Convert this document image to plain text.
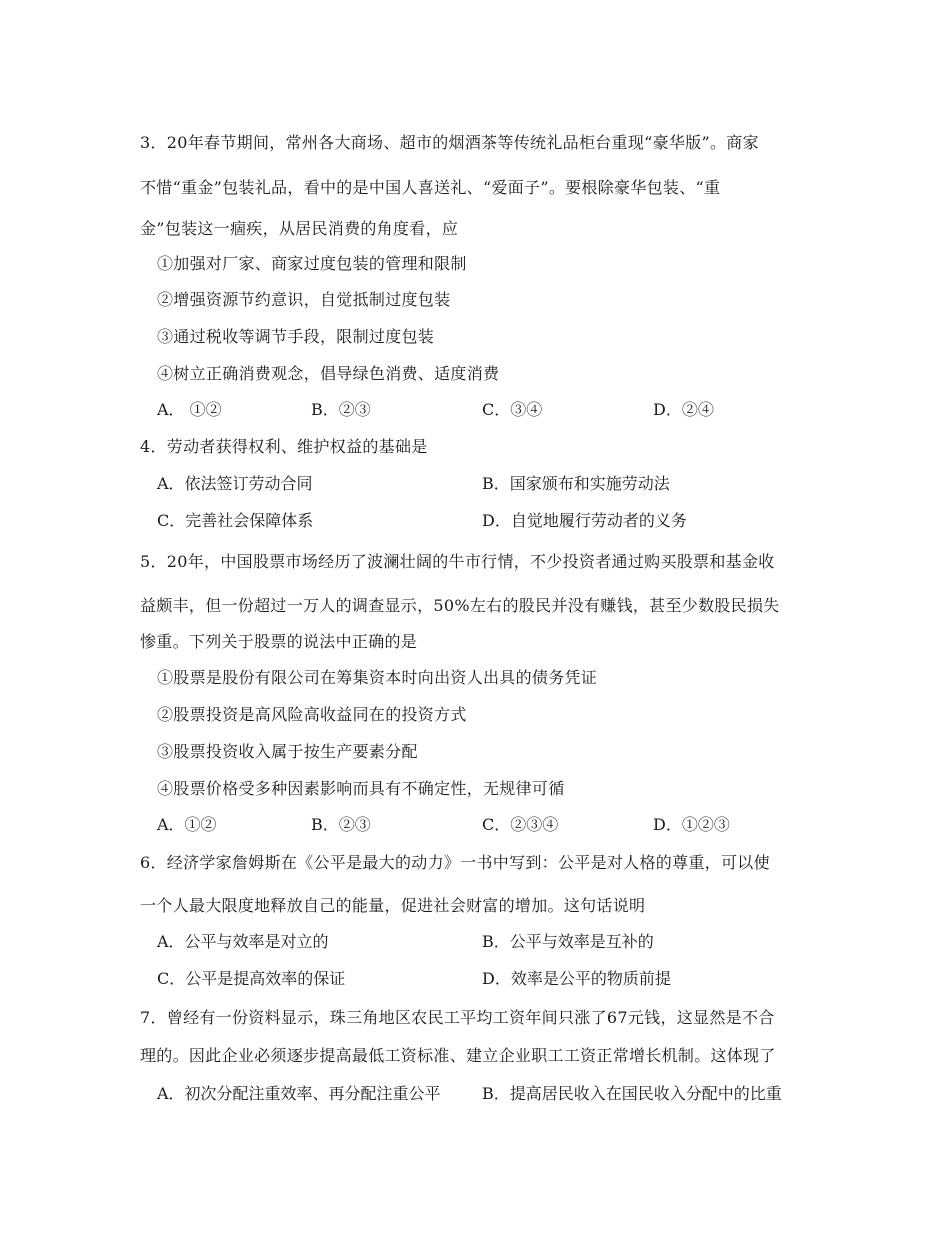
3．20年春节期间，常州各大商场、超市的烟酒茶等传统礼品柜台重现“豪华版”。商家
不惜“重金”包装礼品，看中的是中国人喜送礼、“爱面子”。要根除豪华包装、“重
金”包装这一痼疾，从居民消费的角度看，应
①加强对厂家、商家过度包装的管理和限制
②增强资源节约意识，自觉抵制过度包装
③通过税收等调节手段，限制过度包装
④树立正确消费观念，倡导绿色消费、适度消费
A． ①②	B．②③	C．③④	D．②④
4．劳动者获得权利、维护权益的基础是
A．依法签订劳动合同	B．国家颁布和实施劳动法
C．完善社会保障体系	D．自觉地履行劳动者的义务
5．20年，中国股票市场经历了波澜壮阔的牛市行情，不少投资者通过购买股票和基金收
益颇丰，但一份超过一万人的调查显示，50%左右的股民并没有赚钱，甚至少数股民损失
惨重。下列关于股票的说法中正确的是
①股票是股份有限公司在筹集资本时向出资人出具的债务凭证
②股票投资是高风险高收益同在的投资方式
③股票投资收入属于按生产要素分配
④股票价格受多种因素影响而具有不确定性，无规律可循
A．①②	B．②③	C．②③④	D．①②③
6．经济学家詹姆斯在《公平是最大的动力》一书中写到：公平是对人格的尊重，可以使
一个人最大限度地释放自己的能量，促进社会财富的增加。这句话说明
A．公平与效率是对立的	B．公平与效率是互补的
C．公平是提高效率的保证	D．效率是公平的物质前提
7．曾经有一份资料显示，珠三角地区农民工平均工资年间只涨了67元钱，这显然是不合
理的。因此企业必须逐步提高最低工资标准、建立企业职工工资正常增长机制。这体现了
A．初次分配注重效率、再分配注重公平	B．提高居民收入在国民收入分配中的比重
